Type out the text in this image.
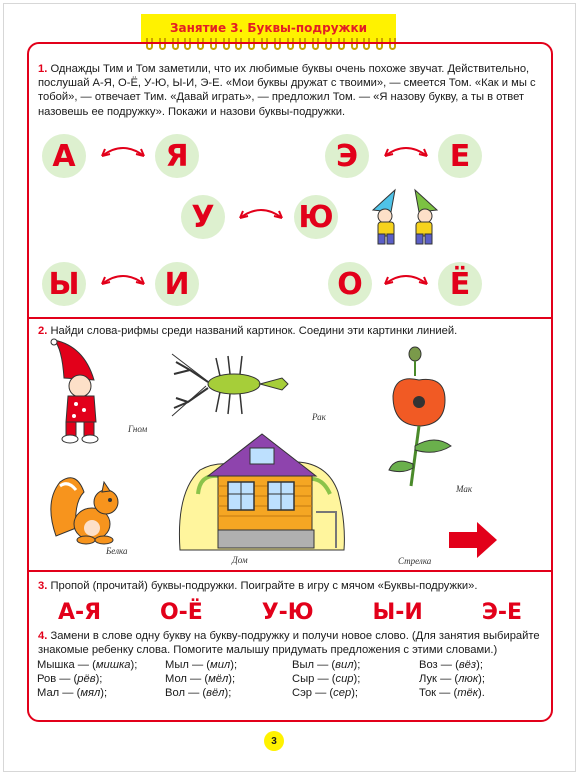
Занятие 3. Буквы-подружки
1. Однажды Тим и Том заметили, что их любимые буквы очень похоже звучат. Действительно, послушай А-Я, О-Ё, У-Ю, Ы-И, Э-Е. «Мои буквы дружат с твоими», — смеется Том. «Как и мы с тобой», — отвечает Тим. «Давай играть», — предложил Том. — «Я назову букву, а ты в ответ назовешь ее подружку». Покажи и назови буквы-подружки.
А	Я	Э	Е
У	Ю
Ы	И	О	Ё
2. Найди слова-рифмы среди названий картинок. Соедини эти картинки линией.
Гном
Рак
Мак
Белка
Дом	Стрелка
3. Пропой (прочитай) буквы-подружки. Поиграйте в игру с мячом «Буквы-подружки».
А-Я	О-Ё	У-Ю	Ы-И	Э-Е
4. Замени в слове одну букву на букву-подружку и получи новое слово. (Для занятия выбирайте знакомые ребенку слова. Помогите малышу придумать предложения с этими словами.)
Мышка — (мишка);	Мыл — (мил);	Выл — (вил);	Воз — (вёз);
Ров — (рёв);	Мол — (мёл);	Сыр — (сир);	Лук — (люк);
Мал — (мял);	Вол — (вёл);	Сэр — (сер);	Ток — (тёк).
3
